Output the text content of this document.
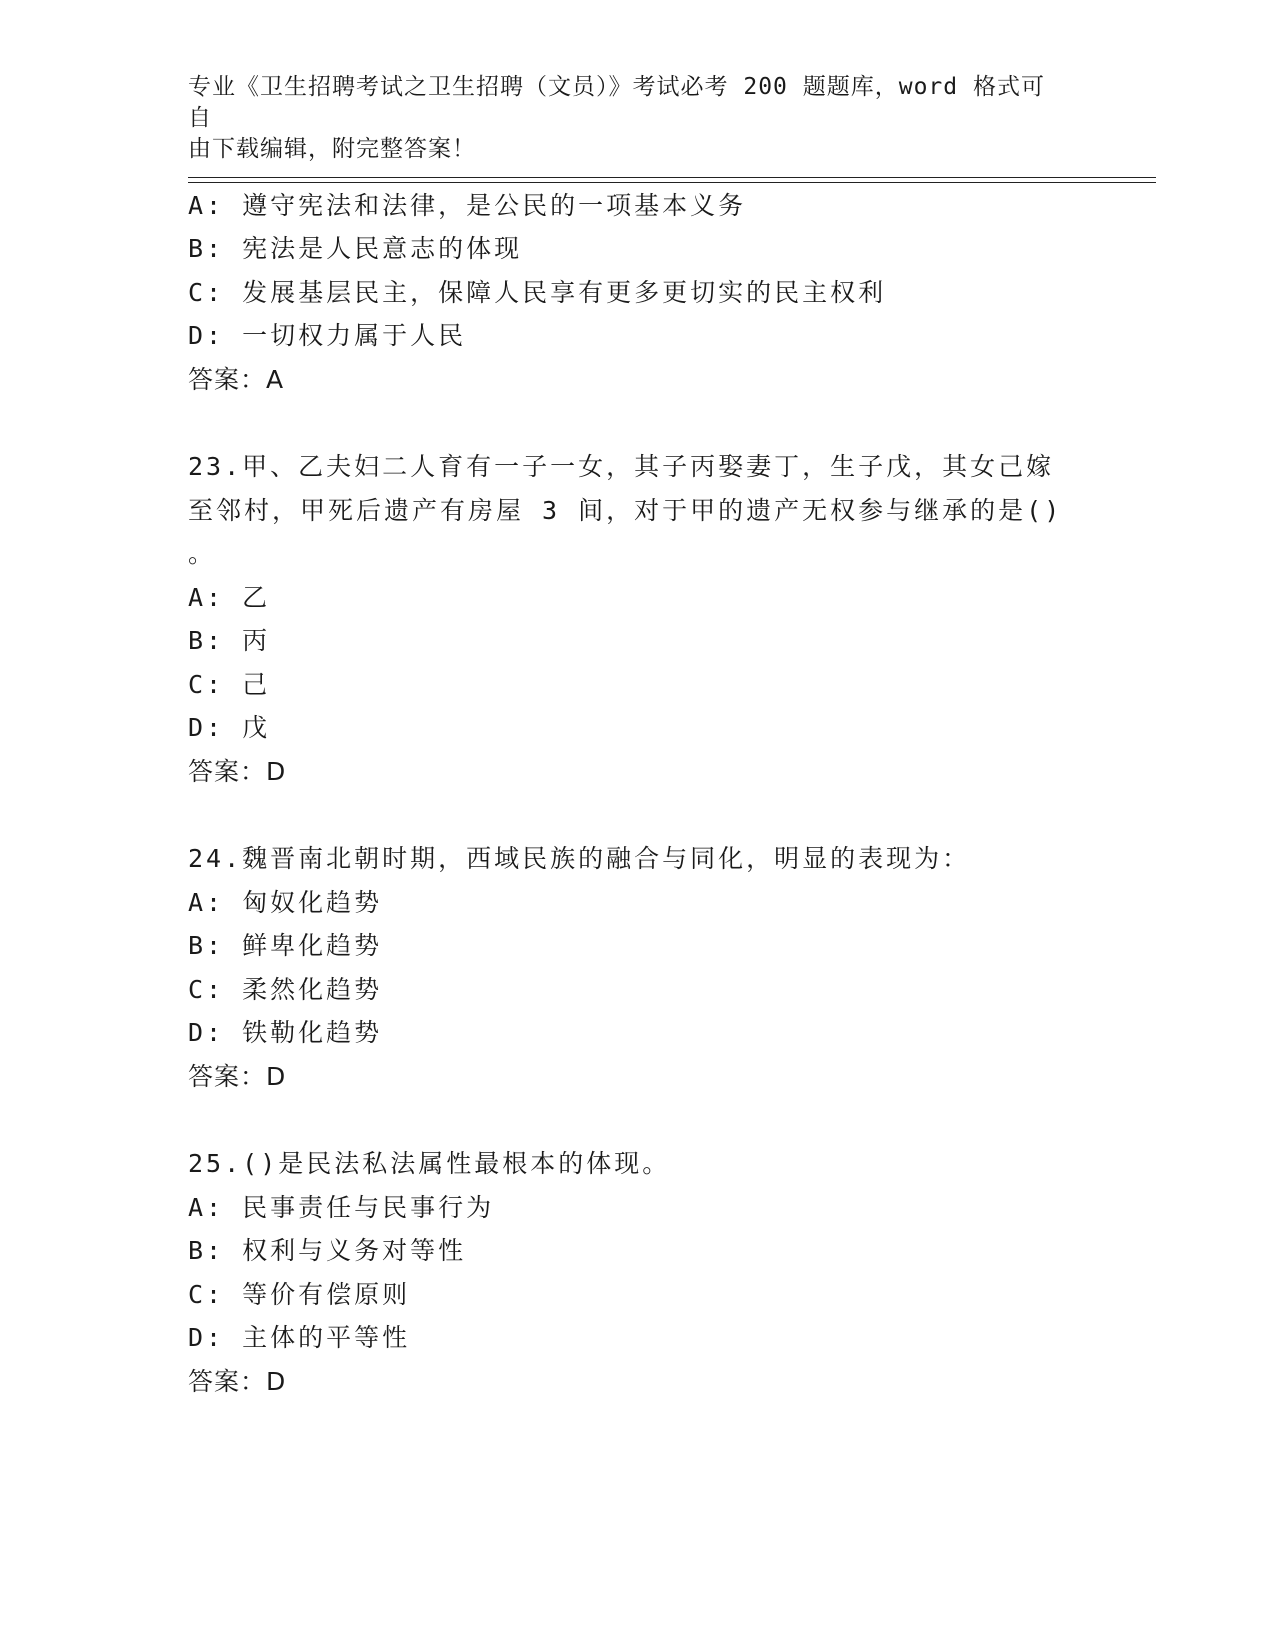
专业《卫生招聘考试之卫生招聘（文员）》考试必考 200 题题库，word 格式可自
由下载编辑，附完整答案！
A: 遵守宪法和法律，是公民的一项基本义务
B: 宪法是人民意志的体现
C: 发展基层民主，保障人民享有更多更切实的民主权利
D: 一切权力属于人民
答案：A
23.甲、乙夫妇二人育有一子一女，其子丙娶妻丁，生子戊，其女己嫁
至邻村，甲死后遗产有房屋 3 间，对于甲的遗产无权参与继承的是()
。
A: 乙
B: 丙
C: 己
D: 戊
答案：D
24.魏晋南北朝时期，西域民族的融合与同化，明显的表现为：
A: 匈奴化趋势
B: 鲜卑化趋势
C: 柔然化趋势
D: 铁勒化趋势
答案：D
25.()是民法私法属性最根本的体现。
A: 民事责任与民事行为
B: 权利与义务对等性
C: 等价有偿原则
D: 主体的平等性
答案：D
